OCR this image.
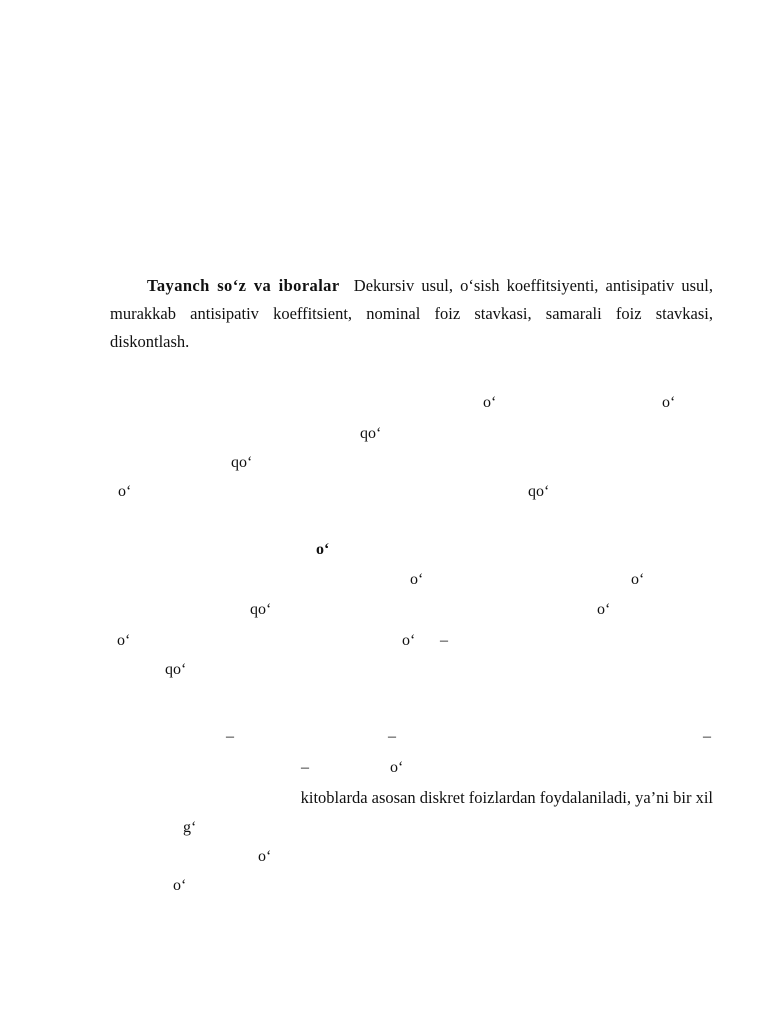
Tayanch so‘z va iboralar Dekursiv usul, o‘sish koeffitsiyenti, antisipativ usul, murakkab antisipativ koeffitsient, nominal foiz stavkasi, samarali foiz stavkasi, diskontlash.

o‘	o‘
qo‘
qo‘
o‘	qo‘
o‘
o‘	o‘
qo‘	o‘
o‘	o‘ –
qo‘
–	–	–
–	o‘
kitoblarda asosan diskret foizlardan foydalaniladi, ya’ni bir xil
g‘
o‘
o‘
